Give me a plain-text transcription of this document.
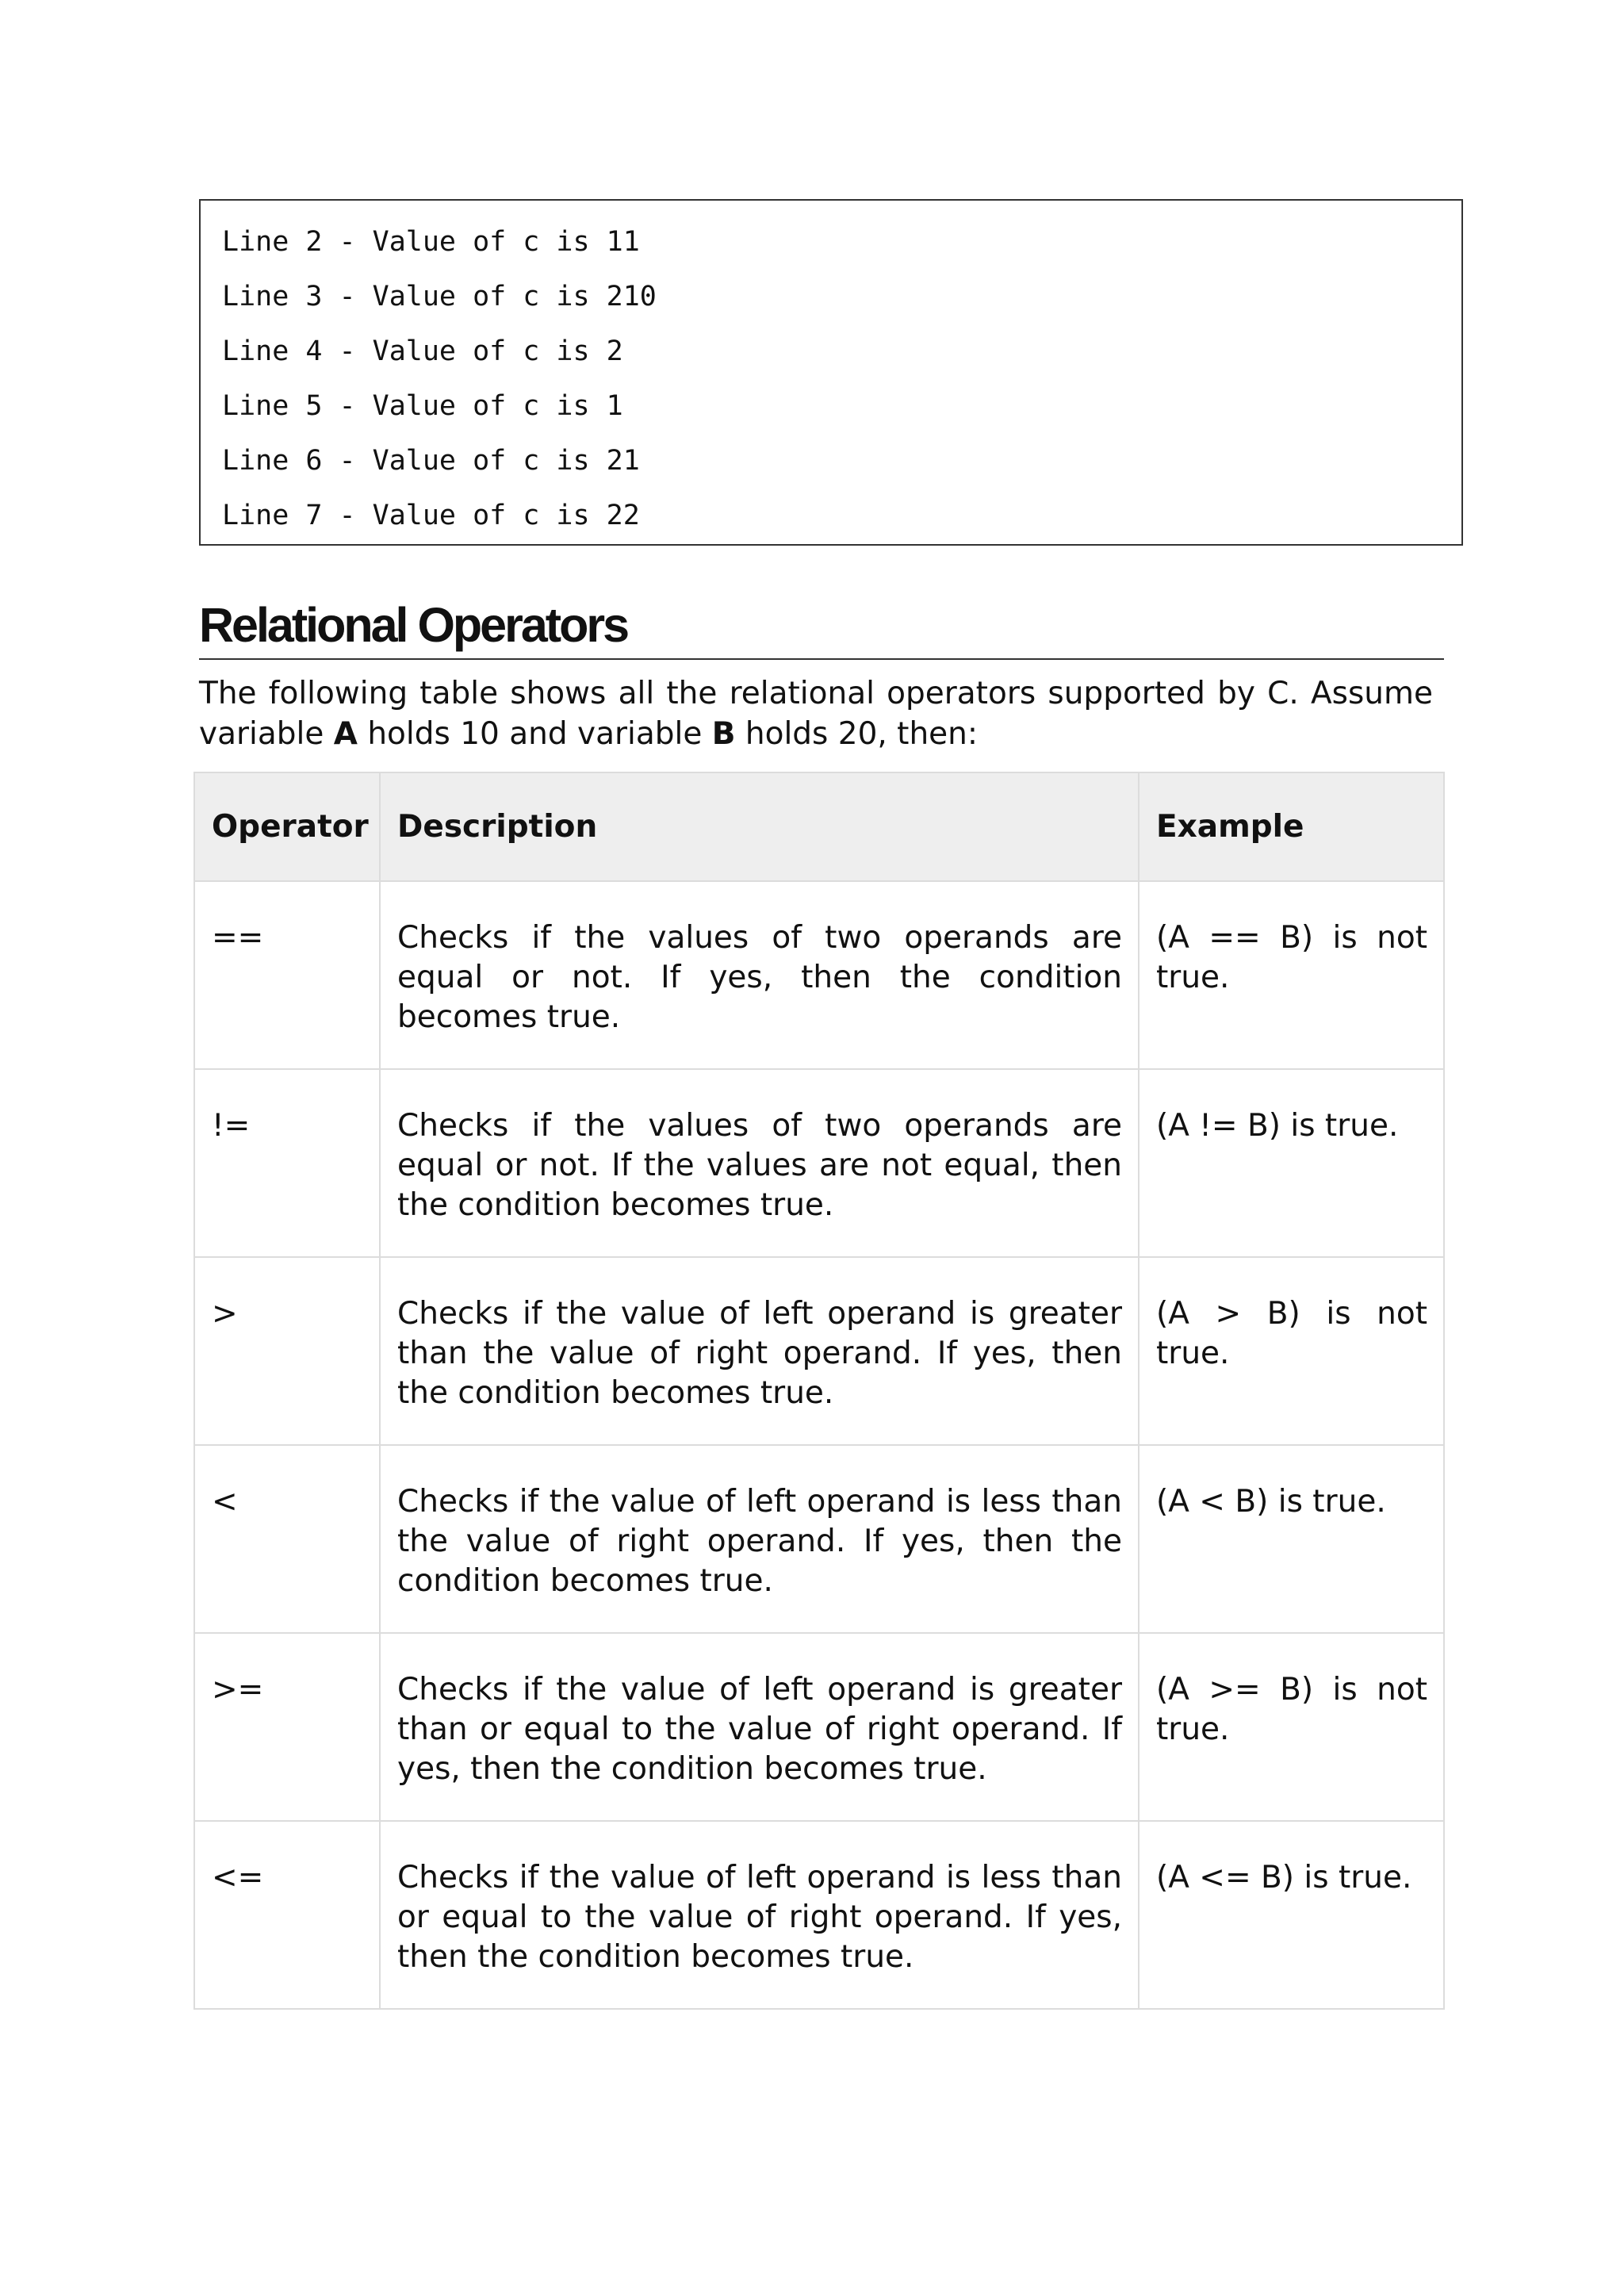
Line 2 - Value of c is 11
Line 3 - Value of c is 210
Line 4 - Value of c is 2
Line 5 - Value of c is 1
Line 6 - Value of c is 21
Line 7 - Value of c is 22
Relational Operators
The following table shows all the relational operators supported by C. Assume variable A holds 10 and variable B holds 20, then:
Operator	Description	Example
==	Checks if the values of two operands are equal or not. If yes, then the condition becomes true.	(A == B) is not true.
!=	Checks if the values of two operands are equal or not. If the values are not equal, then the condition becomes true.	(A != B) is true.
>	Checks if the value of left operand is greater than the value of right operand. If yes, then the condition becomes true.	(A > B) is not true.
<	Checks if the value of left operand is less than the value of right operand. If yes, then the condition becomes true.	(A < B) is true.
>=	Checks if the value of left operand is greater than or equal to the value of right operand. If yes, then the condition becomes true.	(A >= B) is not true.
<=	Checks if the value of left operand is less than or equal to the value of right operand. If yes, then the condition becomes true.	(A <= B) is true.
